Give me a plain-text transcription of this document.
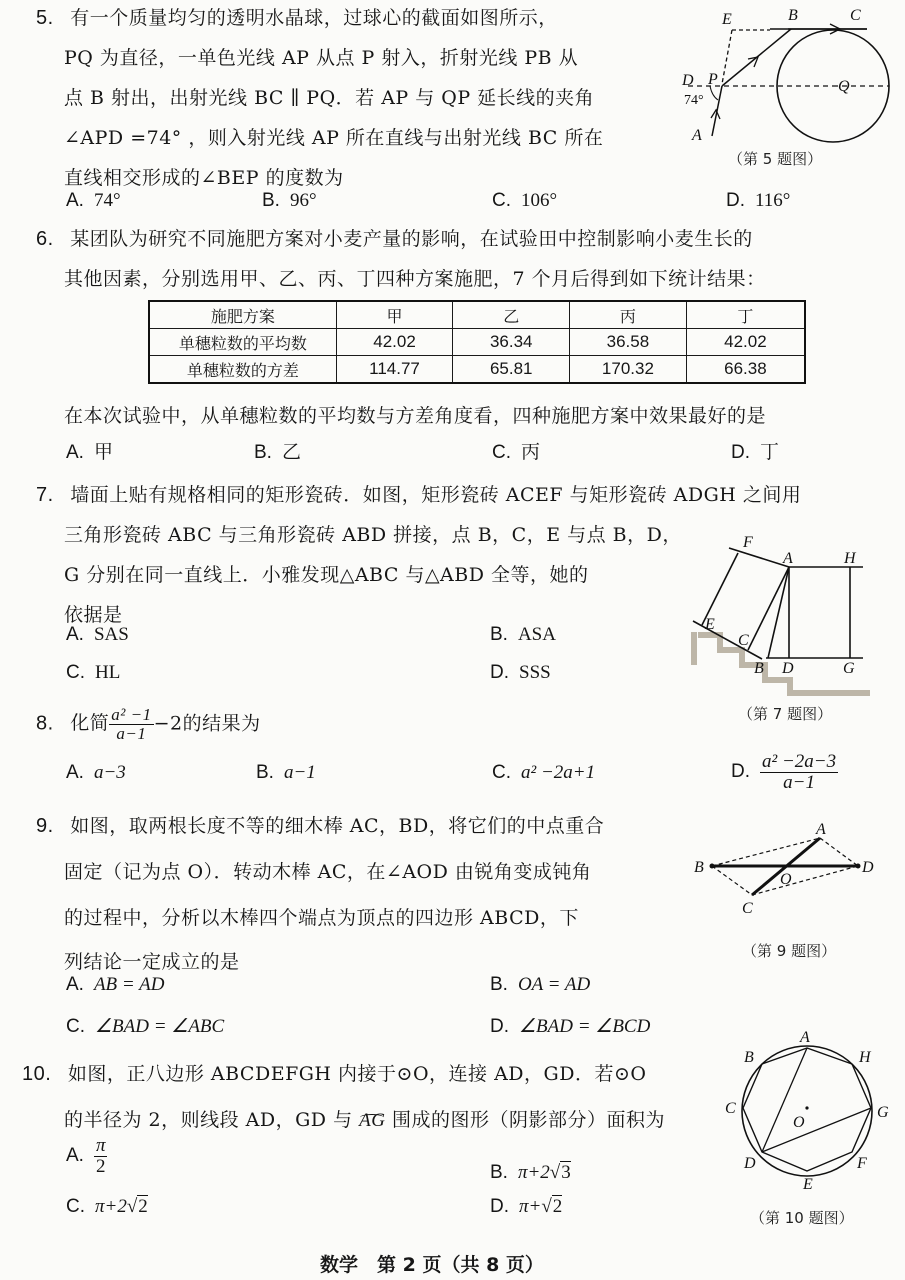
5. 有一个质量均匀的透明水晶球，过球心的截面如图所示，
PQ 为直径，一单色光线 AP 从点 P 射入，折射光线 PB 从
点 B 射出，出射光线 BC ∥ PQ．若 AP 与 QP 延长线的夹角
∠APD =74° ，则入射光线 AP 所在直线与出射光线 BC 所在
直线相交形成的∠BEP 的度数为
A. 74°	B. 96°	C. 106°	D. 116°
E	B	C
D P	Q
A
74°
（第 5 题图）
6. 某团队为研究不同施肥方案对小麦产量的影响，在试验田中控制影响小麦生长的
其他因素，分别选用甲、乙、丙、丁四种方案施肥，7 个月后得到如下统计结果：
施肥方案	甲	乙	丙	丁
单穗粒数的平均数	42.02	36.34	36.58	42.02
单穗粒数的方差	114.77	65.81	170.32	66.38
在本次试验中，从单穗粒数的平均数与方差角度看，四种施肥方案中效果最好的是
A. 甲	B. 乙	C. 丙	D. 丁
7. 墙面上贴有规格相同的矩形瓷砖．如图，矩形瓷砖 ACEF 与矩形瓷砖 ADGH 之间用
三角形瓷砖 ABC 与三角形瓷砖 ABD 拼接，点 B，C，E 与点 B，D，
G 分别在同一直线上．小雅发现△ABC 与△ABD 全等，她的
依据是
A. SAS	B. ASA
C. HL	D. SSS
F
A	H
E
C
B D	G
（第 7 题图）
8. 化简 $\frac{\text{a² −1}}{a-1} -2$的结果为
A. a−3	B. a−1	C. a² −2a+1	D. $\frac{\text{a² −2a−3}}{a-1}$
9. 如图，取两根长度不等的细木棒 AC，BD，将它们的中点重合
固定（记为点 O）．转动木棒 AC，在∠AOD 由锐角变成钝角
的过程中，分析以木棒四个端点为顶点的四边形 ABCD，下
列结论一定成立的是
A. AB = AD	B. OA = AD
C. ∠BAD = ∠ABC	D. ∠BAD = ∠BCD
A
B
O
D
C
（第 9 题图）
10. 如图，正八边形 ABCDEFGH 内接于⊙O，连接 AD，GD．若⊙O
的半径为 2，则线段 AD，GD 与
AG 围成的图形（阴影部分）面积为
A. $\frac{\pi}{2}$	B. π+2√3
C. π+2√2	D. π+√2
A
B	H
C	G
O
D	F
E
（第 10 题图）
数学　第 2 页（共 8 页）
